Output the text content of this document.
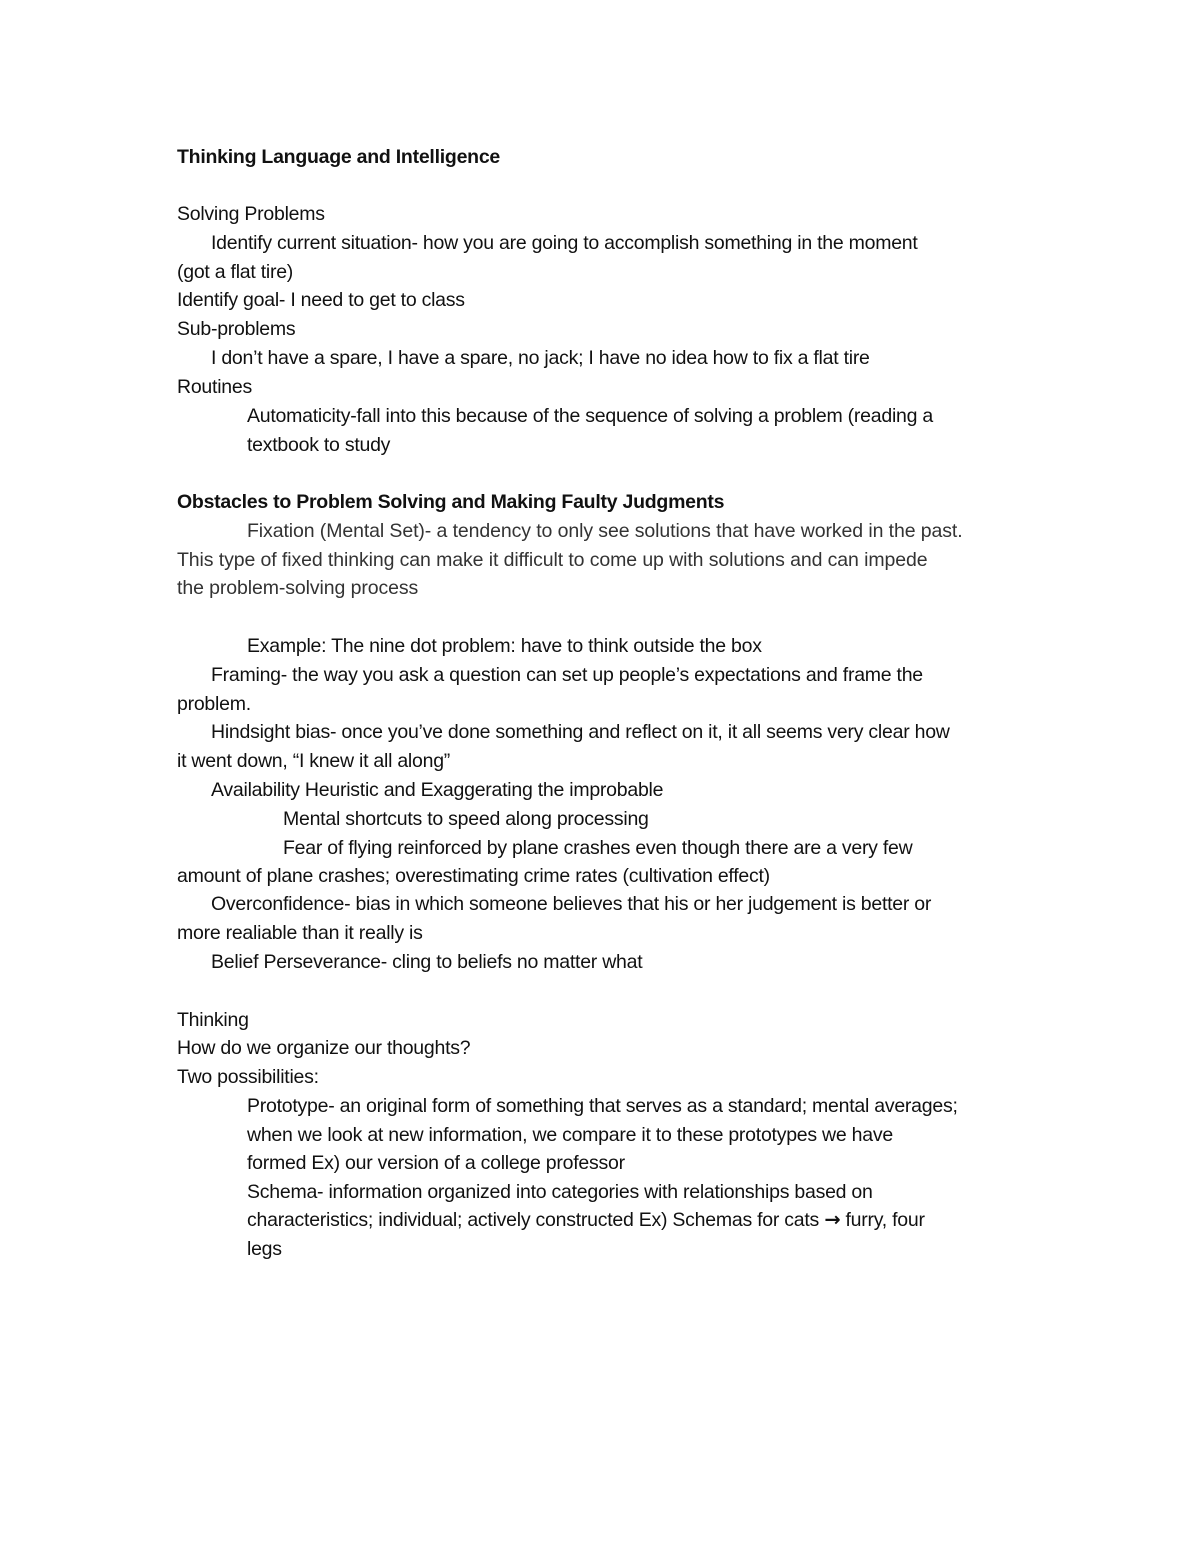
Thinking Language and Intelligence
Solving Problems
Identify current situation- how you are going to accomplish something in the moment
(got a flat tire)
Identify goal- I need to get to class
Sub-problems
I don’t have a spare, I have a spare, no jack; I have no idea how to fix a flat tire
Routines
Automaticity-fall into this because of the sequence of solving a problem (reading a
textbook to study
Obstacles to Problem Solving and Making Faulty Judgments
Fixation (Mental Set)- a tendency to only see solutions that have worked in the past.
This type of fixed thinking can make it difficult to come up with solutions and can impede
the problem-solving process
Example: The nine dot problem: have to think outside the box
Framing- the way you ask a question can set up people’s expectations and frame the
problem.
Hindsight bias- once you’ve done something and reflect on it, it all seems very clear how
it went down, “I knew it all along”
Availability Heuristic and Exaggerating the improbable
Mental shortcuts to speed along processing
Fear of flying reinforced by plane crashes even though there are a very few
amount of plane crashes; overestimating crime rates (cultivation effect)
Overconfidence- bias in which someone believes that his or her judgement is better or
more realiable than it really is
Belief Perseverance- cling to beliefs no matter what
Thinking
How do we organize our thoughts?
Two possibilities:
Prototype- an original form of something that serves as a standard; mental averages;
when we look at new information, we compare it to these prototypes we have
formed Ex) our version of a college professor
Schema- information organized into categories with relationships based on
characteristics; individual; actively constructed Ex) Schemas for cats → furry, four
legs
